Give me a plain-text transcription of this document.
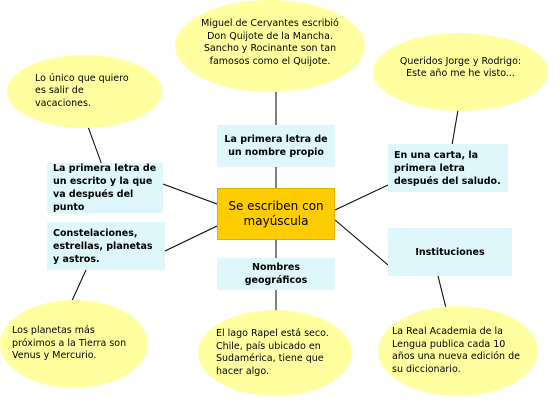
Miguel de Cervantes escribió Don Quijote de la Mancha. Sancho y Rocinante son tan famosos como el Quijote.
Lo único que quiero es salir de vacaciones.
Queridos Jorge y Rodrigo: Este año me he visto...
Los planetas más próximos a la Tierra son Venus y Mercurio.
El lago Rapel está seco. Chile, país ubicado en Sudamérica, tiene que hacer algo.
La Real Academia de la Lengua publica cada 10 años una nueva edición de su diccionario.
La primera letra de un nombre propio
La primera letra de un escrito y la que va después del punto
Constelaciones, estrellas, planetas y astros.
Se escriben con mayúscula
Nombres geográficos
En una carta, la primera letra después del saludo.
Instituciones
